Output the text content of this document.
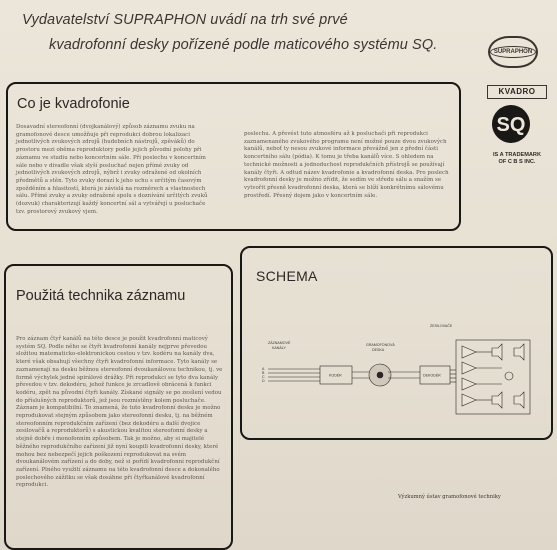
Vydavatelství SUPRAPHON uvádí na trh své prvé
kvadrofonní desky pořízené podle maticového systému SQ.	SUPRAPHON
KVADRO
SQ
IS A TRADEMARK
OF C B S INC.
Co je kvadrofonie
Dosavadní stereofonní (dvojkanálový) způsob záznamu zvuku na gramofonové desce umožňuje při reprodukci dobrou lokalizaci jednotlivých zvukových zdrojů (hudebních nástrojů, zpěváků) do prostoru mezi oběma reproduktory podle jejich původní polohy při záznamu ve studiu nebo koncertním sále. Při poslechu v koncertním sále nebo v divadle však slyší posluchač nejen přímé zvuky od jednotlivých zvukových zdrojů, nýbrž i zvuky odražené od okolních předmětů a stěn. Tyto zvuky dorazí k jeho uchu s určitým časovým zpožděním a hlasitostí, která je závislá na rozměrech a vlastnostech sálu. Přímé zvuky a zvuky odražené spolu s doznívání určitých zvuků (dozvuk) charakterizují každý koncertní sál a vytvářejí u posluchače tzv. prostorový zvukový vjem.
poslechu. A převést tuto atmosféru až k posluchači při reprodukci zaznamenaného zvukového programu není možné pouze dvou zvukových kanálů, neboť ty nesou zvukové informace převážně jen z přední části koncertního sálu (pódia). K tomu je třeba kanálů více. S ohledem na technické možnosti a jednoduchost reprodukčních přístrojů se používají kanály čtyři. A odtud název kvadrofonie a kvadrofonní deska. Pro poslech kvadrofonní desky je možno zřídit, že sedím ve středu sálu a snažím se vytvořit přesně kvadrofonní deska, která se blíží konkrétnímu sálovému prostředí. Přesný dojem jako v koncertním sále.
Použitá technika záznamu
Pro záznam čtyř kanálů na této desce je použit kvadrofonní maticový systém SQ. Podle něho se čtyři kvadrofonní kanály nejprve převedou složitou matematicko-elektronickou cestou v tzv. kodéru na kanály dva, které však obsahují všechny čtyři kvadrofonní informace. Tyto kanály se zaznamenají na desku běžnou stereofonní dvoukanálovou technikou, tj. ve formě výchylek jedné spirálové drážky. Při reprodukci se tyto dva kanály převedou v tzv. dekodéru, jehož funkce je zrcadlově obrácená k funkci kodéru, zpět na původní čtyři kanály. Získané signály se po zesílení vedou do příslušných reproduktorů, jež jsou rozmístěny kolem posluchače. Záznam je kompatibilní. To znamená, že tuto kvadrofonní desku je možno reprodukovat stejným způsobem jako stereofonní desku, tj. na běžném stereofonním reprodukčním zařízení (bez dekodéru a další dvojice zesilovačů a reproduktorů) s akustickou kvalitou stereofonní desky a stejně dobře i monofonním způsobem. Tak je možno, aby si majitelé běžného reprodukčního zařízení již nyní koupili kvadrofonní desky, které mohou bez nebezpečí jejich poškození reprodukovat na svém dvoukanálovém zařízení a do doby, než si pořídí kvadrofonní reprodukční zařízení. Plného využití záznamu na této kvadrofonní desce a dokonalého poslechového zážitku se však dosáhne při čtyřkanálové kvadrofonní reprodukci.
SCHEMA
ZÁZNAMOVÉ
KANÁLY
GRAMOFONOVÁ
DESKA
ZESILOVAČE
KODÉR	DEKODÉR
A
B
C
D
Výzkumný ústav gramofonové techniky
